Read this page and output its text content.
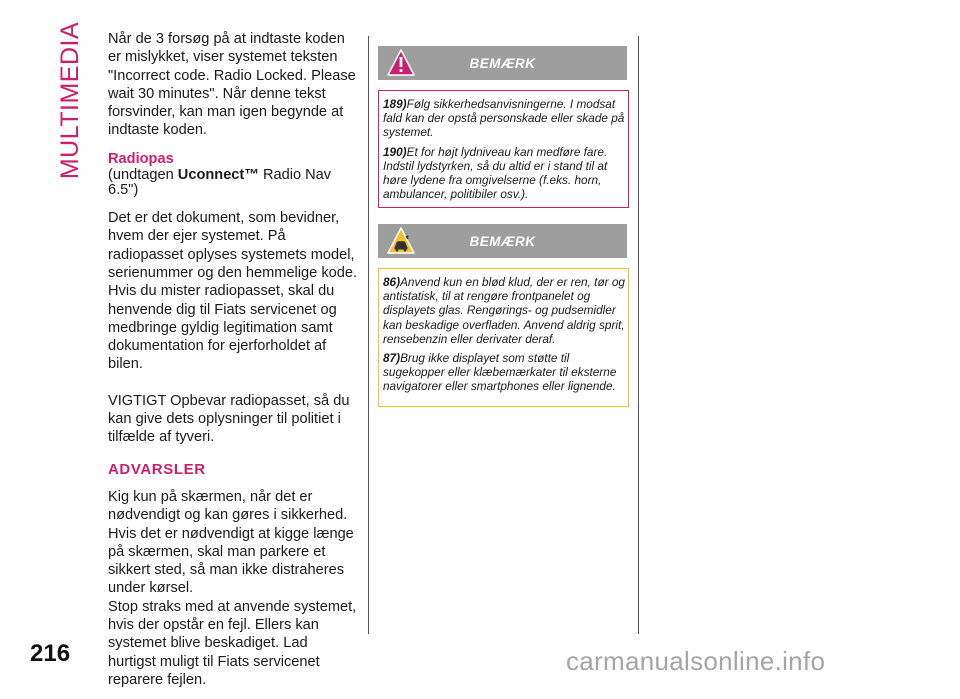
MULTIMEDIA
216

Når de 3 forsøg på at indtaste koden er mislykket, viser systemet teksten "Incorrect code. Radio Locked. Please wait 30 minutes". Når denne tekst forsvinder, kan man igen begynde at indtaste koden.

Radiopas
(undtagen Uconnect™ Radio Nav 6.5")

Det er det dokument, som bevidner, hvem der ejer systemet. På radiopasset oplyses systemets model, serienummer og den hemmelige kode.

Hvis du mister radiopasset, skal du henvende dig til Fiats servicenet og medbringe gyldig legitimation samt dokumentation for ejerforholdet af bilen.

VIGTIGT Opbevar radiopasset, så du kan give dets oplysninger til politiet i tilfælde af tyveri.

ADVARSLER

Kig kun på skærmen, når det er nødvendigt og kan gøres i sikkerhed. Hvis det er nødvendigt at kigge længe på skærmen, skal man parkere et sikkert sted, så man ikke distraheres under kørsel.

Stop straks med at anvende systemet, hvis der opstår en fejl. Ellers kan systemet blive beskadiget. Lad hurtigst muligt til Fiats servicenet reparere fejlen.

BEMÆRK

189)Følg sikkerhedsanvisningerne. I modsat fald kan der opstå personskade eller skade på systemet.

190)Et for højt lydniveau kan medføre fare. Indstil lydstyrken, så du altid er i stand til at høre lydene fra omgivelserne (f.eks. horn, ambulancer, politibiler osv.).

BEMÆRK

86)Anvend kun en blød klud, der er ren, tør og antistatisk, til at rengøre frontpanelet og displayets glas. Rengørings- og pudsemidler kan beskadige overfladen. Anvend aldrig sprit, rensebenzin eller derivater deraf.

87)Brug ikke displayet som støtte til sugekopper eller klæbemærkater til eksterne navigatorer eller smartphones eller lignende.

carmanualsonline.info
